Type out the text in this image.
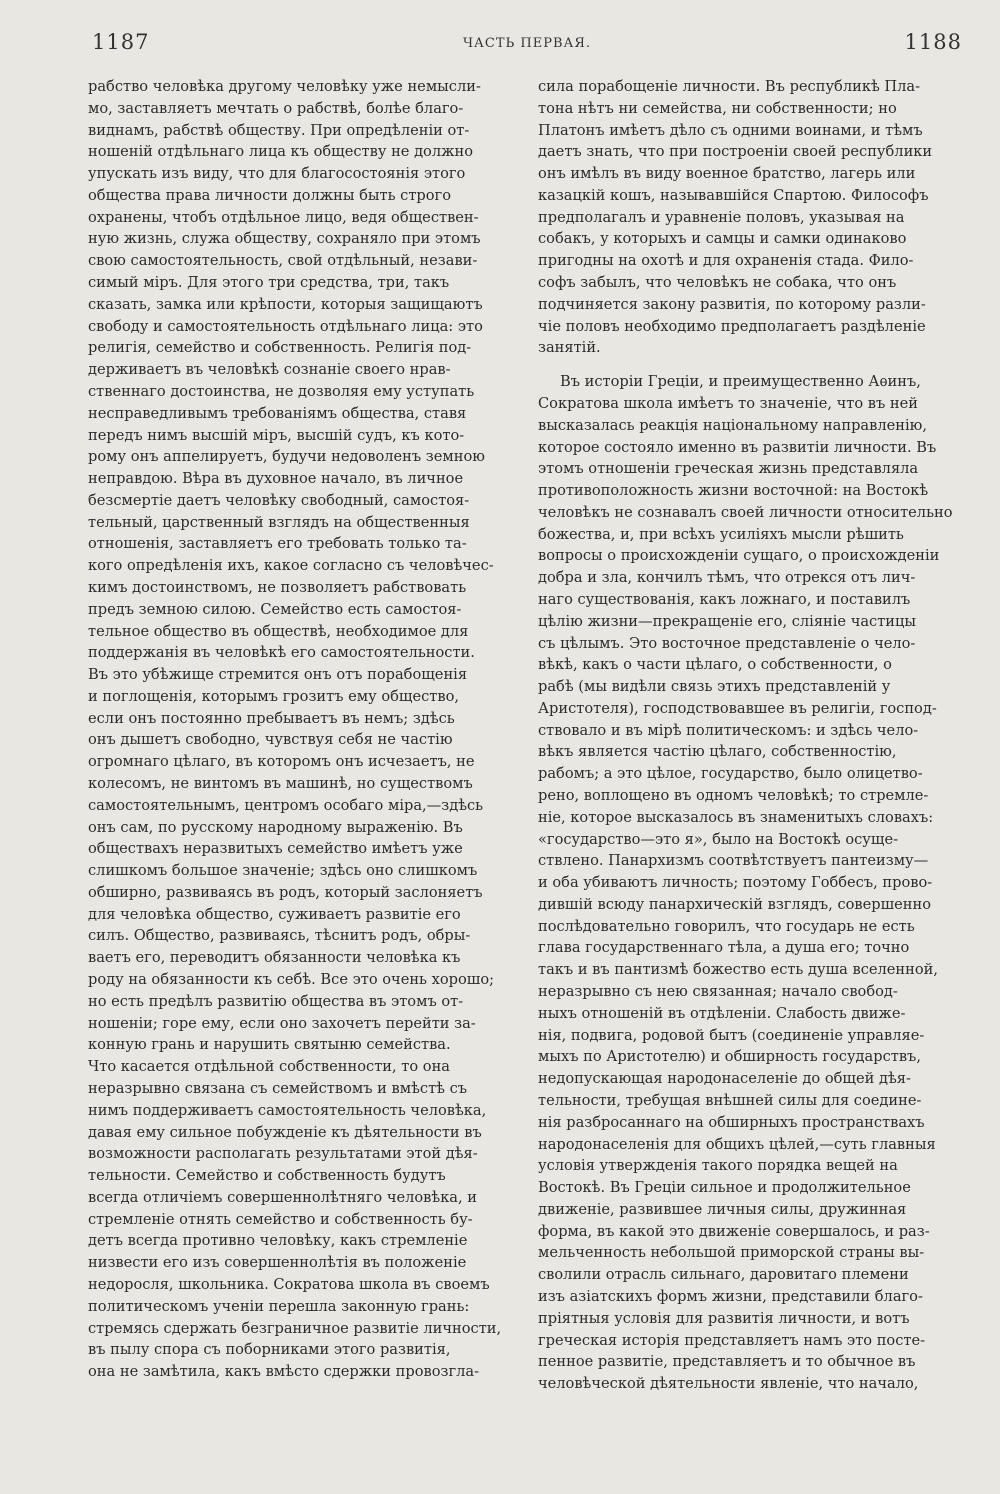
1187	ЧАСТЬ ПЕРВАЯ.	1188
рабство человѣка другому человѣку уже немысли-
мо, заставляетъ мечтать о рабствѣ, болѣе благо-
виднамъ, рабствѣ обществу. При опредѣленіи от-
ношеній отдѣльнаго лица къ обществу не должно
упускать изъ виду, что для благосостоянія этого
общества права личности должны быть строго
охранены, чтобъ отдѣльное лицо, ведя обществен-
ную жизнь, служа обществу, сохраняло при этомъ
свою самостоятельность, свой отдѣльный, незави-
симый міръ. Для этого три средства, три, такъ
сказать, замка или крѣпости, которыя защищаютъ
свободу и самостоятельность отдѣльнаго лица: это
религія, семейство и собственность. Религія под-
держиваетъ въ человѣкѣ сознаніе своего нрав-
ственнаго достоинства, не дозволяя ему уступать
несправедливымъ требованіямъ общества, ставя
передъ нимъ высшій міръ, высшій судъ, къ кото-
рому онъ аппелируетъ, будучи недоволенъ земною
неправдою. Вѣра въ духовное начало, въ личное
безсмертіе даетъ человѣку свободный, самостоя-
тельный, царственный взглядъ на общественныя
отношенія, заставляетъ его требовать только та-
кого опредѣленія ихъ, какое согласно съ человѣчес-
кимъ достоинствомъ, не позволяетъ рабствовать
предъ земною силою. Семейство есть самостоя-
тельное общество въ обществѣ, необходимое для
поддержанія въ человѣкѣ его самостоятельности.
Въ это убѣжище стремится онъ отъ порабощенія
и поглощенія, которымъ грозитъ ему общество,
если онъ постоянно пребываетъ въ немъ; здѣсь
онъ дышетъ свободно, чувствуя себя не частію
огромнаго цѣлаго, въ которомъ онъ исчезаетъ, не
колесомъ, не винтомъ въ машинѣ, но существомъ
самостоятельнымъ, центромъ особаго міра,—здѣсь
онъ сам, по русскому народному выраженію. Въ
обществахъ неразвитыхъ семейство имѣетъ уже
слишкомъ большое значеніе; здѣсь оно слишкомъ
обширно, развиваясь въ родъ, который заслоняетъ
для человѣка общество, суживаетъ развитіе его
силъ. Общество, развиваясь, тѣснитъ родъ, обры-
ваетъ его, переводитъ обязанности человѣка къ
роду на обязанности къ себѣ. Все это очень хорошо;
но есть предѣлъ развитію общества въ этомъ от-
ношеніи; горе ему, если оно захочетъ перейти за-
конную грань и нарушить святыню семейства.
Что касается отдѣльной собственности, то она
неразрывно связана съ семействомъ и вмѣстѣ съ
нимъ поддерживаетъ самостоятельность человѣка,
давая ему сильное побужденіе къ дѣятельности въ
возможности располагать результатами этой дѣя-
тельности. Семейство и собственность будутъ
всегда отличіемъ совершеннолѣтняго человѣка, и
стремленіе отнять семейство и собственность бу-
детъ всегда противно человѣку, какъ стремленіе
низвести его изъ совершеннолѣтія въ положеніе
недоросля, школьника. Сократова школа въ своемъ
политическомъ ученіи перешла законную грань:
стремясь сдержать безграничное развитіе личности,
въ пылу спора съ поборниками этого развитія,
она не замѣтила, какъ вмѣсто сдержки провозгла-
сила порабощеніе личности. Въ республикѣ Пла-
тона нѣтъ ни семейства, ни собственности; но
Платонъ имѣетъ дѣло съ одними воинами, и тѣмъ
даетъ знать, что при построеніи своей республики
онъ имѣлъ въ виду военное братство, лагерь или
казацкій кошъ, называвшійся Спартою. Философъ
предполагалъ и уравненіе половъ, указывая на
собакъ, у которыхъ и самцы и самки одинаково
пригодны на охотѣ и для охраненія стада. Фило-
софъ забылъ, что человѣкъ не собака, что онъ
подчиняется закону развитія, по которому разли-
чіе половъ необходимо предполагаетъ раздѣленіе
занятій.
Въ исторіи Греціи, и преимущественно Аѳинъ,
Сократова школа имѣетъ то значеніе, что въ ней
высказалась реакція національному направленію,
которое состояло именно въ развитіи личности. Въ
этомъ отношеніи греческая жизнь представляла
противоположность жизни восточной: на Востокѣ
человѣкъ не сознавалъ своей личности относительно
божества, и, при всѣхъ усиліяхъ мысли рѣшить
вопросы о происхожденіи сущаго, о происхожденіи
добра и зла, кончилъ тѣмъ, что отрекся отъ лич-
наго существованія, какъ ложнаго, и поставилъ
цѣлію жизни—прекращеніе его, сліяніе частицы
съ цѣлымъ. Это восточное представленіе о чело-
вѣкѣ, какъ о части цѣлаго, о собственности, о
рабѣ (мы видѣли связь этихъ представленій у
Аристотеля), господствовавшее въ религіи, господ-
ствовало и въ мірѣ политическомъ: и здѣсь чело-
вѣкъ является частію цѣлаго, собственностію,
рабомъ; а это цѣлое, государство, было олицетво-
рено, воплощено въ одномъ человѣкѣ; то стремле-
ніе, которое высказалось въ знаменитыхъ словахъ:
«государство—это я», было на Востокѣ осуще-
ствлено. Панархизмъ соотвѣтствуетъ пантеизму—
и оба убиваютъ личность; поэтому Гоббесъ, прово-
дившій всюду панархическій взглядъ, совершенно
послѣдовательно говорилъ, что государь не есть
глава государственнаго тѣла, а душа его; точно
такъ и въ пантизмѣ божество есть душа вселенной,
неразрывно съ нею связанная; начало свобод-
ныхъ отношеній въ отдѣленіи. Слабость движе-
нія, подвига, родовой бытъ (соединеніе управляе-
мыхъ по Аристотелю) и обширность государствъ,
недопускающая народонаселеніе до общей дѣя-
тельности, требущая внѣшней силы для соедине-
нія разбросаннаго на обширныхъ пространствахъ
народонаселенія для общихъ цѣлей,—суть главныя
условія утвержденія такого порядка вещей на
Востокѣ. Въ Греціи сильное и продолжительное
движеніе, развившее личныя силы, дружинная
форма, въ какой это движеніе совершалось, и раз-
мельченность небольшой приморской страны вы-
сволили отрасль сильнаго, даровитаго племени
изъ азіатскихъ формъ жизни, представили благо-
пріятныя условія для развитія личности, и вотъ
греческая исторія представляетъ намъ это посте-
пенное развитіе, представляетъ и то обычное въ
человѣческой дѣятельности явленіе, что начало,
